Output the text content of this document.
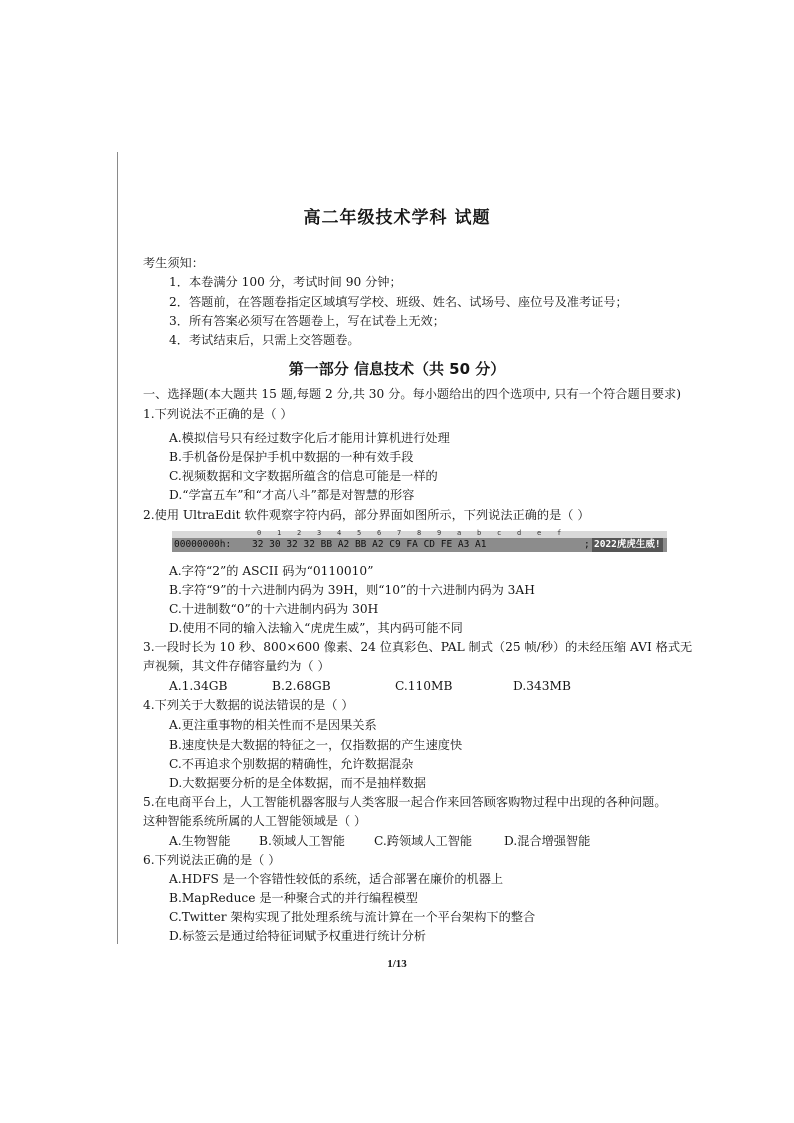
高二年级技术学科 试题
考生须知：
1．本卷满分 100 分，考试时间 90 分钟；
2．答题前，在答题卷指定区域填写学校、班级、姓名、试场号、座位号及准考证号；
3．所有答案必须写在答题卷上，写在试卷上无效；
4．考试结束后，只需上交答题卷。
第一部分 信息技术（共 50 分）
一、选择题(本大题共 15 题,每题 2 分,共 30 分。每小题给出的四个选项中, 只有一个符合题目要求)
1.下列说法不正确的是（ ）
A.模拟信号只有经过数字化后才能用计算机进行处理
B.手机备份是保护手机中数据的一种有效手段
C.视频数据和文字数据所蕴含的信息可能是一样的
D.“学富五车”和“才高八斗”都是对智慧的形容
2.使用 UltraEdit 软件观察字符内码，部分界面如图所示，下列说法正确的是（ ）
0 1 2 3 4 5 6 7 8 9 a b c d e f
00000000h: 32 30 32 32 BB A2 BB A2 C9 FA CD FE A3 A1	; 2022虎虎生威!
A.字符“2”的 ASCII 码为“0110010”
B.字符“9”的十六进制内码为 39H，则“10”的十六进制内码为 3AH
C.十进制数“0”的十六进制内码为 30H
D.使用不同的输入法输入“虎虎生威”，其内码可能不同
3.一段时长为 10 秒、800×600 像素、24 位真彩色、PAL 制式（25 帧/秒）的未经压缩 AVI 格式无
声视频，其文件存储容量约为（ ）
A.1.34GB	B.2.68GB	C.110MB	D.343MB
4.下列关于大数据的说法错误的是（ ）
A.更注重事物的相关性而不是因果关系
B.速度快是大数据的特征之一，仅指数据的产生速度快
C.不再追求个别数据的精确性，允许数据混杂
D.大数据要分析的是全体数据，而不是抽样数据
5.在电商平台上，人工智能机器客服与人类客服一起合作来回答顾客购物过程中出现的各种问题。
这种智能系统所属的人工智能领域是（ ）
A.生物智能 B.领域人工智能 C.跨领域人工智能	D.混合增强智能
6.下列说法正确的是（ ）
A.HDFS 是一个容错性较低的系统，适合部署在廉价的机器上
B.MapReduce 是一种聚合式的并行编程模型
C.Twitter 架构实现了批处理系统与流计算在一个平台架构下的整合
D.标签云是通过给特征词赋予权重进行统计分析
1/13
